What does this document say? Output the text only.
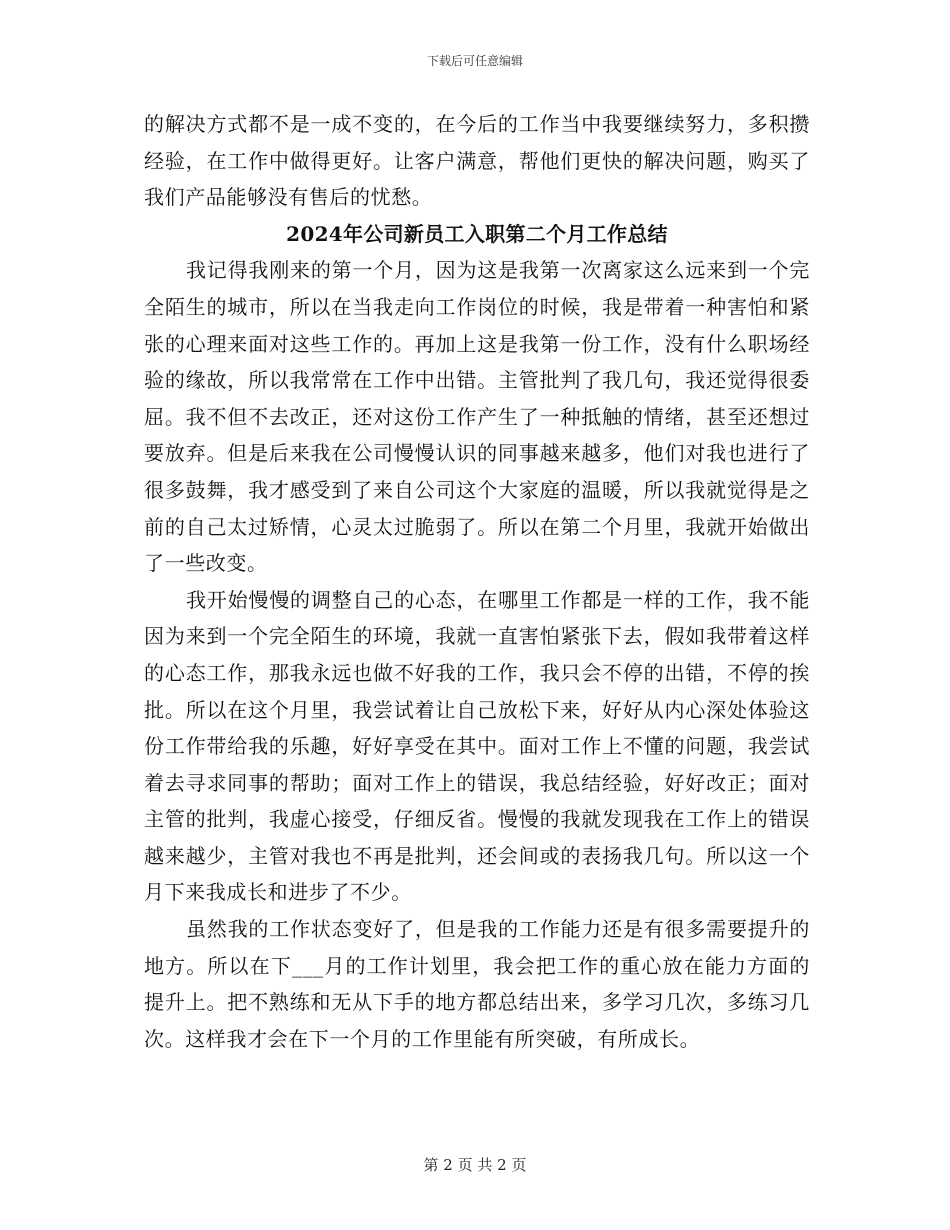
下载后可任意编辑

的解决方式都不是一成不变的，在今后的工作当中我要继续努力，多积攒经验，在工作中做得更好。让客户满意，帮他们更快的解决问题，购买了我们产品能够没有售后的忧愁。

2024年公司新员工入职第二个月工作总结

我记得我刚来的第一个月，因为这是我第一次离家这么远来到一个完全陌生的城市，所以在当我走向工作岗位的时候，我是带着一种害怕和紧张的心理来面对这些工作的。再加上这是我第一份工作，没有什么职场经验的缘故，所以我常常在工作中出错。主管批判了我几句，我还觉得很委屈。我不但不去改正，还对这份工作产生了一种抵触的情绪，甚至还想过要放弃。但是后来我在公司慢慢认识的同事越来越多，他们对我也进行了很多鼓舞，我才感受到了来自公司这个大家庭的温暖，所以我就觉得是之前的自己太过矫情，心灵太过脆弱了。所以在第二个月里，我就开始做出了一些改变。

我开始慢慢的调整自己的心态，在哪里工作都是一样的工作，我不能因为来到一个完全陌生的环境，我就一直害怕紧张下去，假如我带着这样的心态工作，那我永远也做不好我的工作，我只会不停的出错，不停的挨批。所以在这个月里，我尝试着让自己放松下来，好好从内心深处体验这份工作带给我的乐趣，好好享受在其中。面对工作上不懂的问题，我尝试着去寻求同事的帮助；面对工作上的错误，我总结经验，好好改正；面对主管的批判，我虚心接受，仔细反省。慢慢的我就发现我在工作上的错误越来越少，主管对我也不再是批判，还会间或的表扬我几句。所以这一个月下来我成长和进步了不少。

虽然我的工作状态变好了，但是我的工作能力还是有很多需要提升的地方。所以在下___月的工作计划里，我会把工作的重心放在能力方面的提升上。把不熟练和无从下手的地方都总结出来，多学习几次，多练习几次。这样我才会在下一个月的工作里能有所突破，有所成长。

第 2 页 共 2 页
